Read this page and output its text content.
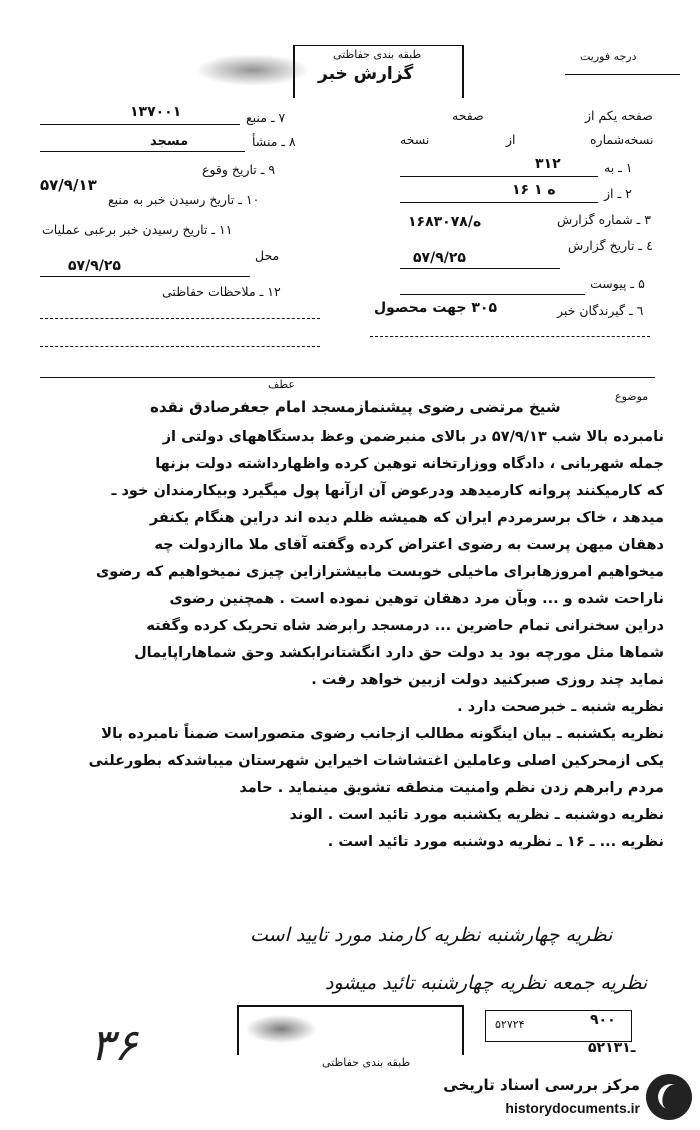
طبقه بندی حفاظتی
گزارش خبر
درجه فوریت
صفحه یکم از
صفحه
نسخه‌شماره
از
نسخه
۱ ـ به
۳۱۲
۲ ـ از
۱۶ ه ۱
۳ ـ شماره گزارش
۱۶ه/۸۳۰۷۸
٤ ـ تاریخ گزارش
۵۷/۹/۲۵
۵ ـ پیوست
٦ ـ گیرندگان خبر
۳۰۵ جهت محصول
۱۳۷۰۰۱	۷ ـ منبع
مسجد	۸ ـ منشأ
۹ ـ تاریخ وقوع
۵۷/۹/۱۳
۱۰ ـ تاریخ رسیدن خبر به منبع
۱۱ ـ تاریخ رسیدن خبر برعبی عملیات
محل
۵۷/۹/۲۵
۱۲ ـ ملاحظات حفاظتی
عطف
موضوع
شیخ مرتضی رضوی پیشنمازمسجد امام جعفرصادق نقده
نامبرده بالا شب ۵۷/۹/۱۳ در بالای منبرضمن وعظ بدستگاههای دولتی از
جمله شهربانی ، دادگاه ووزارتخانه توهین کرده واظهارداشته دولت بزنها
که کارمیکنند پروانه کارمیدهد ودرعوض آن ازآنها پول میگیرد وبیکارمندان خود ـ
میدهد ، خاک برسرمردم ایران که همیشه ظلم دیده اند دراین هنگام یکنفر
دهقان میهن پرست به رضوی اعتراض کرده وگفته آقای ملا ماازدولت چه
میخواهیم امروزهابرای ماخیلی خوبست مابیشترازاین چیزی نمیخواهیم که رضوی
ناراحت شده و ... وبآن مرد دهقان توهین نموده است . همچنین رضوی
دراین سخنرانی تمام حاضرین ... درمسجد رابرضد شاه تحریک کرده وگفته
شماها مثل مورچه بود ید دولت حق دارد انگشتانرابکشد وحق شماهاراپایمال
نماید چند روزی صبرکنید دولت ازبین خواهد رفت .
نظریه شنبه ـ خبرصحت دارد .
نظریه یکشنبه ـ بیان اینگونه مطالب ازجانب رضوی متصوراست ضمناً نامبرده بالا
یکی ازمحرکین اصلی وعاملین اغتشاشات اخیراین شهرستان میباشدکه بطورعلنی
مردم رابرهم زدن نظم وامنیت منطقه تشویق مینماید . حامد
نظریه دوشنبه ـ نظریه یکشنبه مورد تائید است . الوند
نظریه ... ـ ۱۶ ـ نظریه دوشنبه مورد تائید است .
نظریه چهارشنبه نظریه کارمند مورد تایید است
نظریه جمعه نظریه چهارشنبه تائید میشود
۳۶	۵۲۷۲۴	۹۰۰
۵۲ـ۱۳۱
طبقه بندی حفاظتی
مرکز بررسی اسناد تاریخی
historydocuments.ir
